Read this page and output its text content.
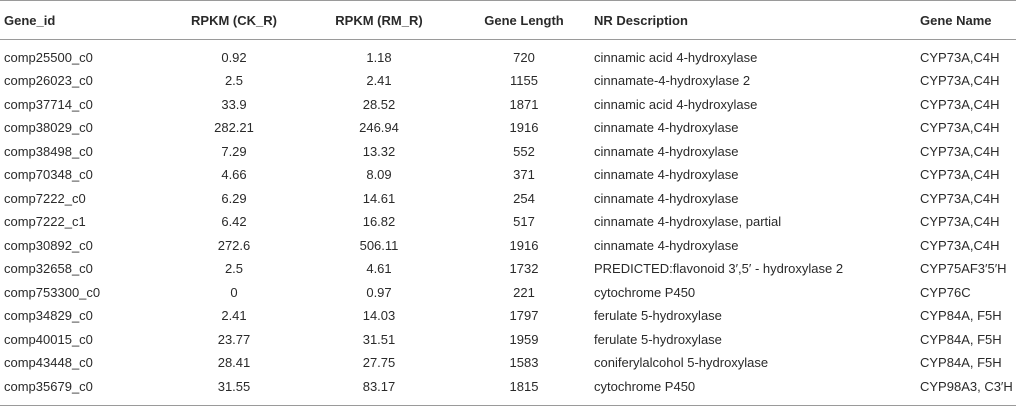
Gene_id	RPKM (CK_R)	RPKM (RM_R)	Gene Length	NR Description	Gene Name
comp25500_c0	0.92	1.18	720	cinnamic acid 4-hydroxylase	CYP73A,C4H
comp26023_c0	2.5	2.41	1155	cinnamate-4-hydroxylase 2	CYP73A,C4H
comp37714_c0	33.9	28.52	1871	cinnamic acid 4-hydroxylase	CYP73A,C4H
comp38029_c0	282.21	246.94	1916	cinnamate 4-hydroxylase	CYP73A,C4H
comp38498_c0	7.29	13.32	552	cinnamate 4-hydroxylase	CYP73A,C4H
comp70348_c0	4.66	8.09	371	cinnamate 4-hydroxylase	CYP73A,C4H
comp7222_c0	6.29	14.61	254	cinnamate 4-hydroxylase	CYP73A,C4H
comp7222_c1	6.42	16.82	517	cinnamate 4-hydroxylase, partial	CYP73A,C4H
comp30892_c0	272.6	506.11	1916	cinnamate 4-hydroxylase	CYP73A,C4H
comp32658_c0	2.5	4.61	1732	PREDICTED:flavonoid 3′,5′ - hydroxylase 2	CYP75AF3′5′H
comp753300_c0	0	0.97	221	cytochrome P450	CYP76C
comp34829_c0	2.41	14.03	1797	ferulate 5-hydroxylase	CYP84A, F5H
comp40015_c0	23.77	31.51	1959	ferulate 5-hydroxylase	CYP84A, F5H
comp43448_c0	28.41	27.75	1583	coniferylalcohol 5-hydroxylase	CYP84A, F5H
comp35679_c0	31.55	83.17	1815	cytochrome P450	CYP98A3, C3′H
